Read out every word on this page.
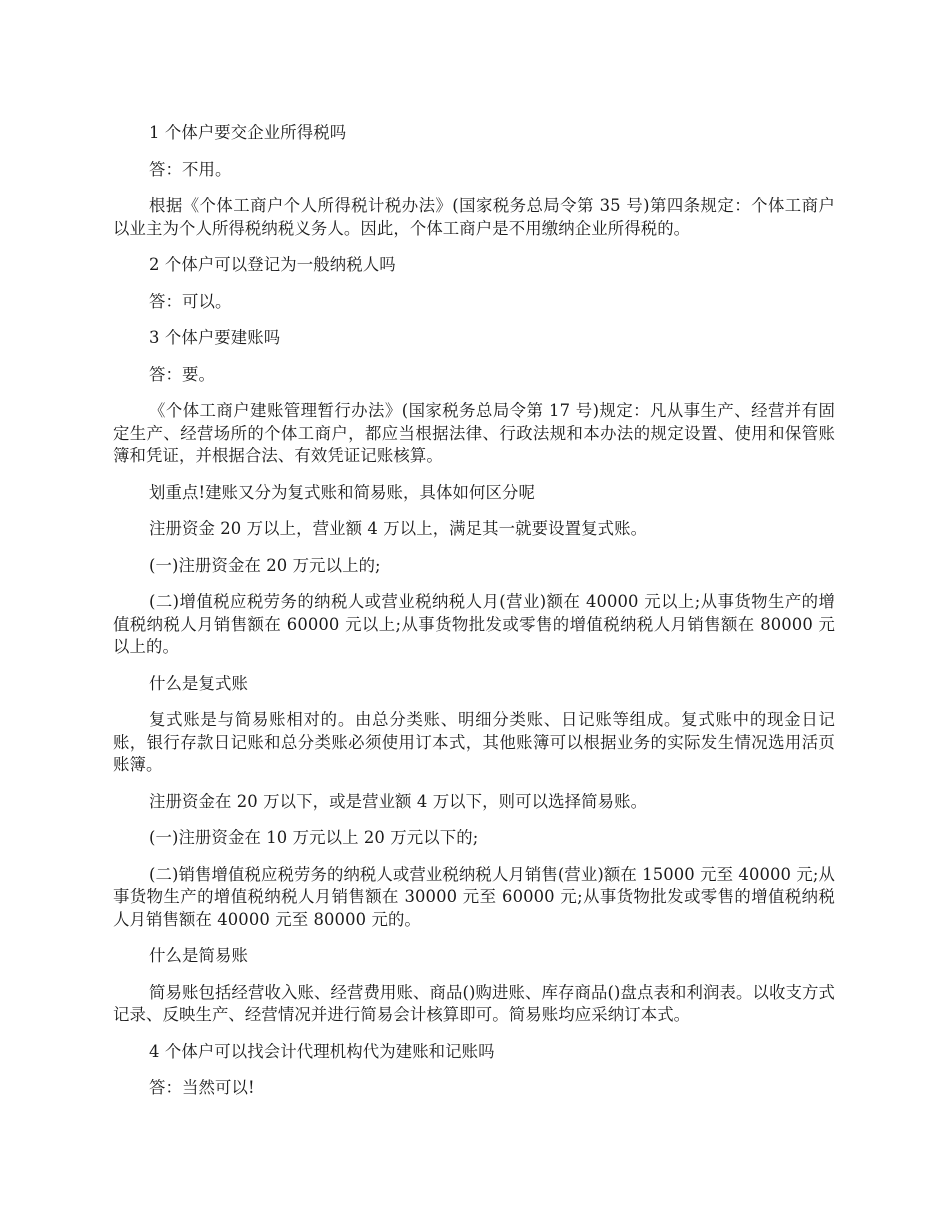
1 个体户要交企业所得税吗

答：不用。

根据《个体工商户个人所得税计税办法》(国家税务总局令第 35 号)第四条规定：个体工商户以业主为个人所得税纳税义务人。因此，个体工商户是不用缴纳企业所得税的。

2 个体户可以登记为一般纳税人吗

答：可以。

3 个体户要建账吗

答：要。

《个体工商户建账管理暂行办法》(国家税务总局令第 17 号)规定：凡从事生产、经营并有固定生产、经营场所的个体工商户，都应当根据法律、行政法规和本办法的规定设置、使用和保管账簿和凭证，并根据合法、有效凭证记账核算。

划重点!建账又分为复式账和简易账，具体如何区分呢

注册资金 20 万以上，营业额 4 万以上，满足其一就要设置复式账。

(一)注册资金在 20 万元以上的;

(二)增值税应税劳务的纳税人或营业税纳税人月(营业)额在 40000 元以上;从事货物生产的增值税纳税人月销售额在 60000 元以上;从事货物批发或零售的增值税纳税人月销售额在 80000 元以上的。

什么是复式账

复式账是与简易账相对的。由总分类账、明细分类账、日记账等组成。复式账中的现金日记账，银行存款日记账和总分类账必须使用订本式，其他账簿可以根据业务的实际发生情况选用活页账簿。

注册资金在 20 万以下，或是营业额 4 万以下，则可以选择简易账。

(一)注册资金在 10 万元以上 20 万元以下的;

(二)销售增值税应税劳务的纳税人或营业税纳税人月销售(营业)额在 15000 元至 40000 元;从事货物生产的增值税纳税人月销售额在 30000 元至 60000 元;从事货物批发或零售的增值税纳税人月销售额在 40000 元至 80000 元的。

什么是简易账

简易账包括经营收入账、经营费用账、商品()购进账、库存商品()盘点表和利润表。以收支方式记录、反映生产、经营情况并进行简易会计核算即可。简易账均应采纳订本式。

4 个体户可以找会计代理机构代为建账和记账吗

答：当然可以!
